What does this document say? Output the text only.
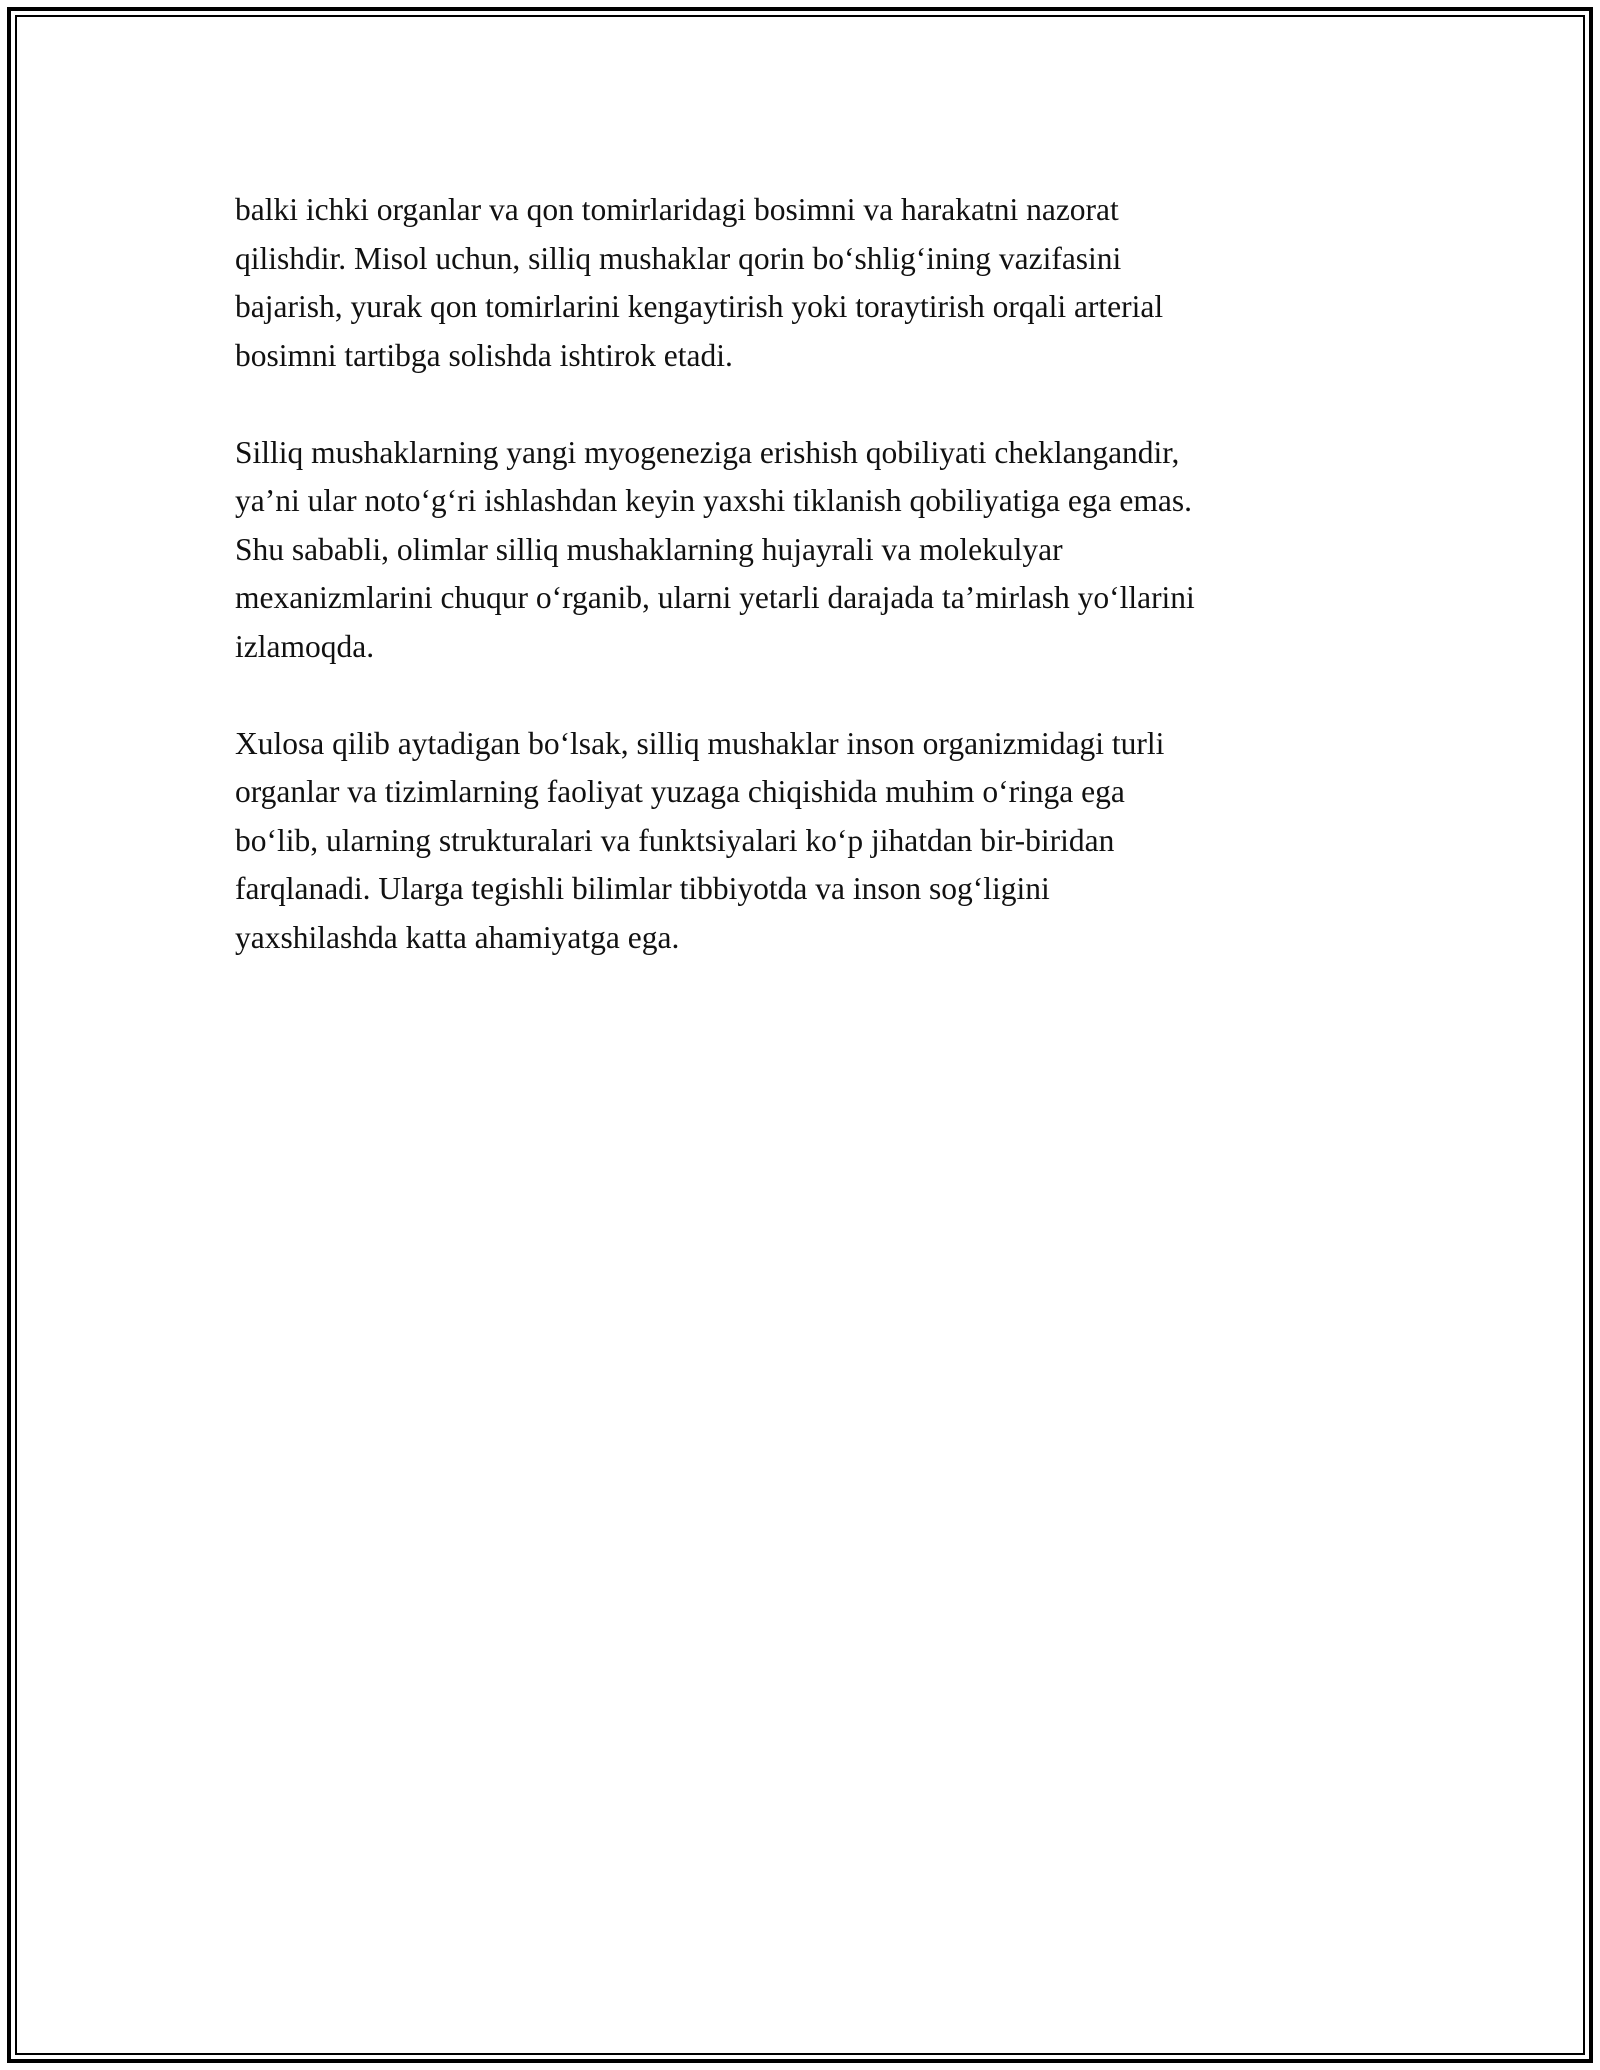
balki ichki organlar va qon tomirlaridagi bosimni va harakatni nazorat
qilishdir. Misol uchun, silliq mushaklar qorin bo‘shlig‘ining vazifasini
bajarish, yurak qon tomirlarini kengaytirish yoki toraytirish orqali arterial
bosimni tartibga solishda ishtirok etadi.

Silliq mushaklarning yangi myogeneziga erishish qobiliyati cheklangandir,
ya’ni ular noto‘g‘ri ishlashdan keyin yaxshi tiklanish qobiliyatiga ega emas.
Shu sababli, olimlar silliq mushaklarning hujayrali va molekulyar
mexanizmlarini chuqur o‘rganib, ularni yetarli darajada ta’mirlash yo‘llarini
izlamoqda.

Xulosa qilib aytadigan bo‘lsak, silliq mushaklar inson organizmidagi turli
organlar va tizimlarning faoliyat yuzaga chiqishida muhim o‘ringa ega
bo‘lib, ularning strukturalari va funktsiyalari ko‘p jihatdan bir-biridan
farqlanadi. Ularga tegishli bilimlar tibbiyotda va inson sog‘ligini
yaxshilashda katta ahamiyatga ega.
